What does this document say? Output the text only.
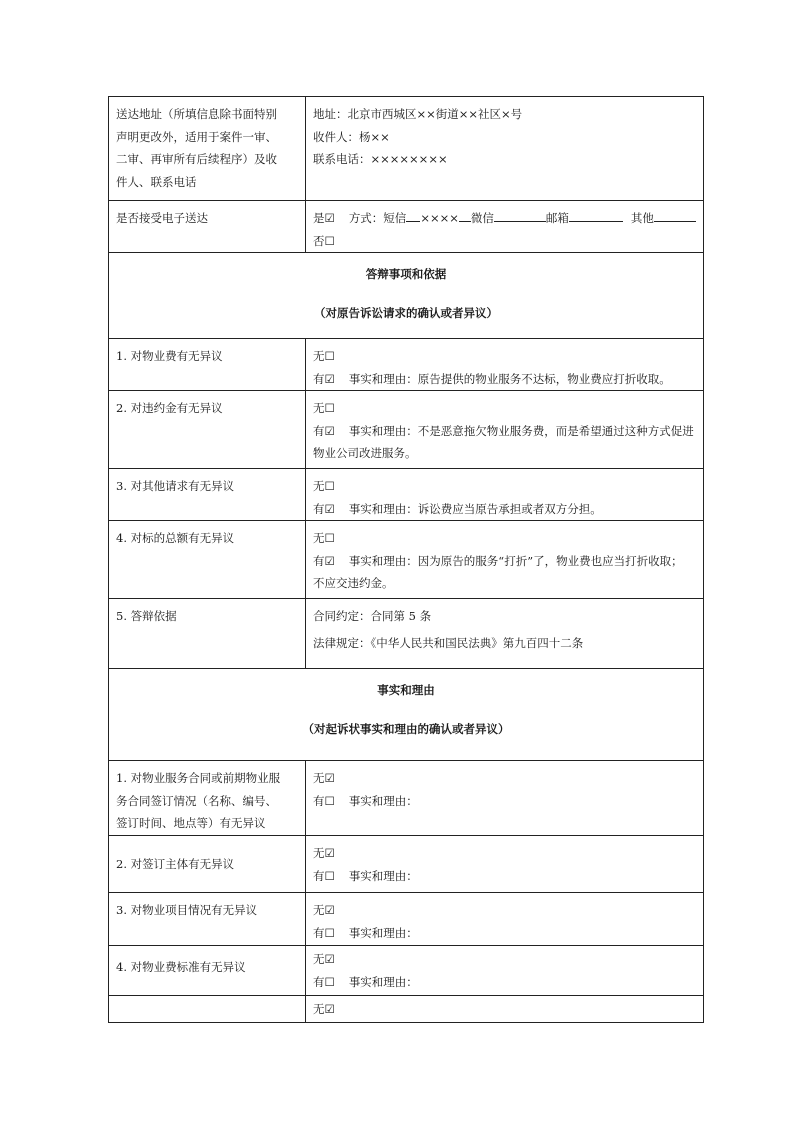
送达地址（所填信息除书面特别
声明更改外，适用于案件一审、
二审、再审所有后续程序）及收
件人、联系电话	地址：北京市西城区××街道××社区×号
收件人：杨××
联系电话：××××××××

是否接受电子送达	是☑ 方式：短信 ×××× 微信 邮箱 其他
否☐

答辩事项和依据
（对原告诉讼请求的确认或者异议）	

1. 对物业费有无异议	无☐
有☑ 事实和理由：原告提供的物业服务不达标，物业费应打折收取。

2. 对违约金有无异议	无☐
有☑ 事实和理由：不是恶意拖欠物业服务费，而是希望通过这种方式促进
物业公司改进服务。

3. 对其他请求有无异议	无☐
有☑ 事实和理由：诉讼费应当原告承担或者双方分担。

4. 对标的总额有无异议	无☐
有☑ 事实和理由：因为原告的服务“打折”了，物业费也应当打折收取；
不应交违约金。

5. 答辩依据	合同约定：合同第 5 条
法律规定：《中华人民共和国民法典》第九百四十二条

事实和理由
（对起诉状事实和理由的确认或者异议）	

1. 对物业服务合同或前期物业服
务合同签订情况（名称、编号、
签订时间、地点等）有无异议	无☑
有☐ 事实和理由：

2. 对签订主体有无异议	无☑
有☐ 事实和理由：

3. 对物业项目情况有无异议	无☑
有☐ 事实和理由：

4. 对物业费标准有无异议	无☑
有☐ 事实和理由：

	无☑
